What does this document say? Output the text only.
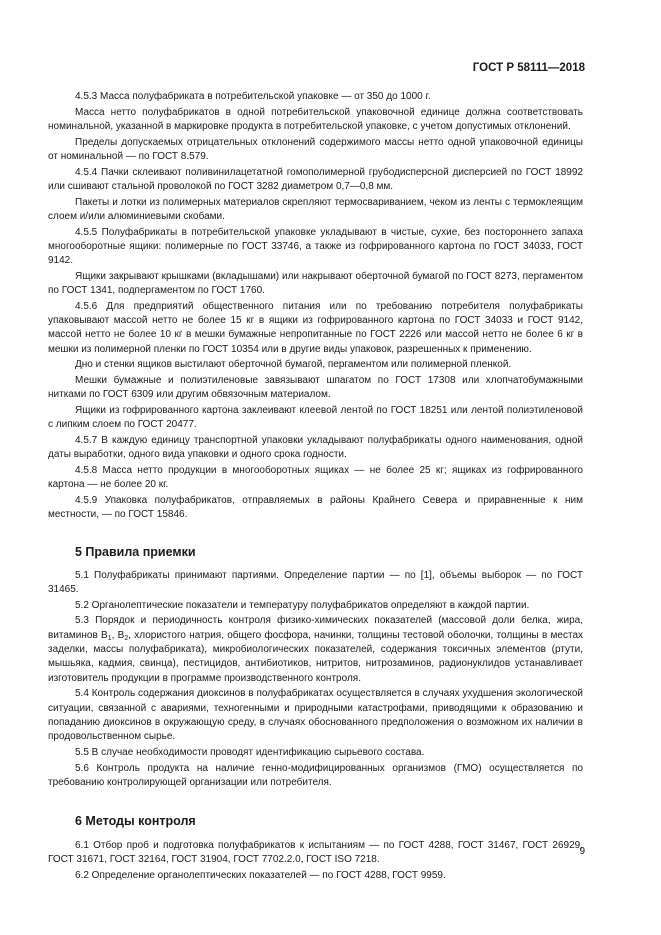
ГОСТ Р 58111—2018

4.5.3 Масса полуфабриката в потребительской упаковке — от 350 до 1000 г.

Масса нетто полуфабрикатов в одной потребительской упаковочной единице должна соответствовать номинальной, указанной в маркировке продукта в потребительской упаковке, с учетом допустимых отклонений.

Пределы допускаемых отрицательных отклонений содержимого массы нетто одной упаковочной единицы от номинальной — по ГОСТ 8.579.

4.5.4 Пачки склеивают поливинилацетатной гомополимерной грубодисперсной дисперсией по ГОСТ 18992 или сшивают стальной проволокой по ГОСТ 3282 диаметром 0,7—0,8 мм.

Пакеты и лотки из полимерных материалов скрепляют термосвариванием, чеком из ленты с термоклеящим слоем и/или алюминиевыми скобами.

4.5.5 Полуфабрикаты в потребительской упаковке укладывают в чистые, сухие, без постороннего запаха многооборотные ящики: полимерные по ГОСТ 33746, а также из гофрированного картона по ГОСТ 34033, ГОСТ 9142.

Ящики закрывают крышками (вкладышами) или накрывают оберточной бумагой по ГОСТ 8273, пергаментом по ГОСТ 1341, подпергаментом по ГОСТ 1760.

4.5.6 Для предприятий общественного питания или по требованию потребителя полуфабрикаты упаковывают массой нетто не более 15 кг в ящики из гофрированного картона по ГОСТ 34033 и ГОСТ 9142, массой нетто не более 10 кг в мешки бумажные непропитанные по ГОСТ 2226 или массой нетто не более 6 кг в мешки из полимерной пленки по ГОСТ 10354 или в другие виды упаковок, разрешенных к применению.

Дно и стенки ящиков выстилают оберточной бумагой, пергаментом или полимерной пленкой.

Мешки бумажные и полиэтиленовые завязывают шпагатом по ГОСТ 17308 или хлопчатобумажными нитками по ГОСТ 6309 или другим обвязочным материалом.

Ящики из гофрированного картона заклеивают клеевой лентой по ГОСТ 18251 или лентой полиэтиленовой с липким слоем по ГОСТ 20477.

4.5.7 В каждую единицу транспортной упаковки укладывают полуфабрикаты одного наименования, одной даты выработки, одного вида упаковки и одного срока годности.

4.5.8 Масса нетто продукции в многооборотных ящиках — не более 25 кг; ящиках из гофрированного картона — не более 20 кг.

4.5.9 Упаковка полуфабрикатов, отправляемых в районы Крайнего Севера и приравненные к ним местности, — по ГОСТ 15846.

5 Правила приемки

5.1 Полуфабрикаты принимают партиями. Определение партии — по [1], объемы выборок — по ГОСТ 31465.

5.2 Органолептические показатели и температуру полуфабрикатов определяют в каждой партии.

5.3 Порядок и периодичность контроля физико-химических показателей (массовой доли белка, жира, витаминов $B_1$, $B_2$, хлористого натрия, общего фосфора, начинки, толщины тестовой оболочки, толщины в местах заделки, массы полуфабриката), микробиологических показателей, содержания токсичных элементов (ртути, мышьяка, кадмия, свинца), пестицидов, антибиотиков, нитритов, нитрозаминов, радионуклидов устанавливает изготовитель продукции в программе производственного контроля.

5.4 Контроль содержания диоксинов в полуфабрикатах осуществляется в случаях ухудшения экологической ситуации, связанной с авариями, техногенными и природными катастрофами, приводящими к образованию и попаданию диоксинов в окружающую среду, в случаях обоснованного предположения о возможном их наличии в продовольственном сырье.

5.5 В случае необходимости проводят идентификацию сырьевого состава.

5.6 Контроль продукта на наличие генно-модифицированных организмов (ГМО) осуществляется по требованию контролирующей организации или потребителя.

6 Методы контроля

6.1 Отбор проб и подготовка полуфабрикатов к испытаниям — по ГОСТ 4288, ГОСТ 31467, ГОСТ 26929, ГОСТ 31671, ГОСТ 32164, ГОСТ 31904, ГОСТ 7702.2.0, ГОСТ ISO 7218.

6.2 Определение органолептических показателей — по ГОСТ 4288, ГОСТ 9959.

9
